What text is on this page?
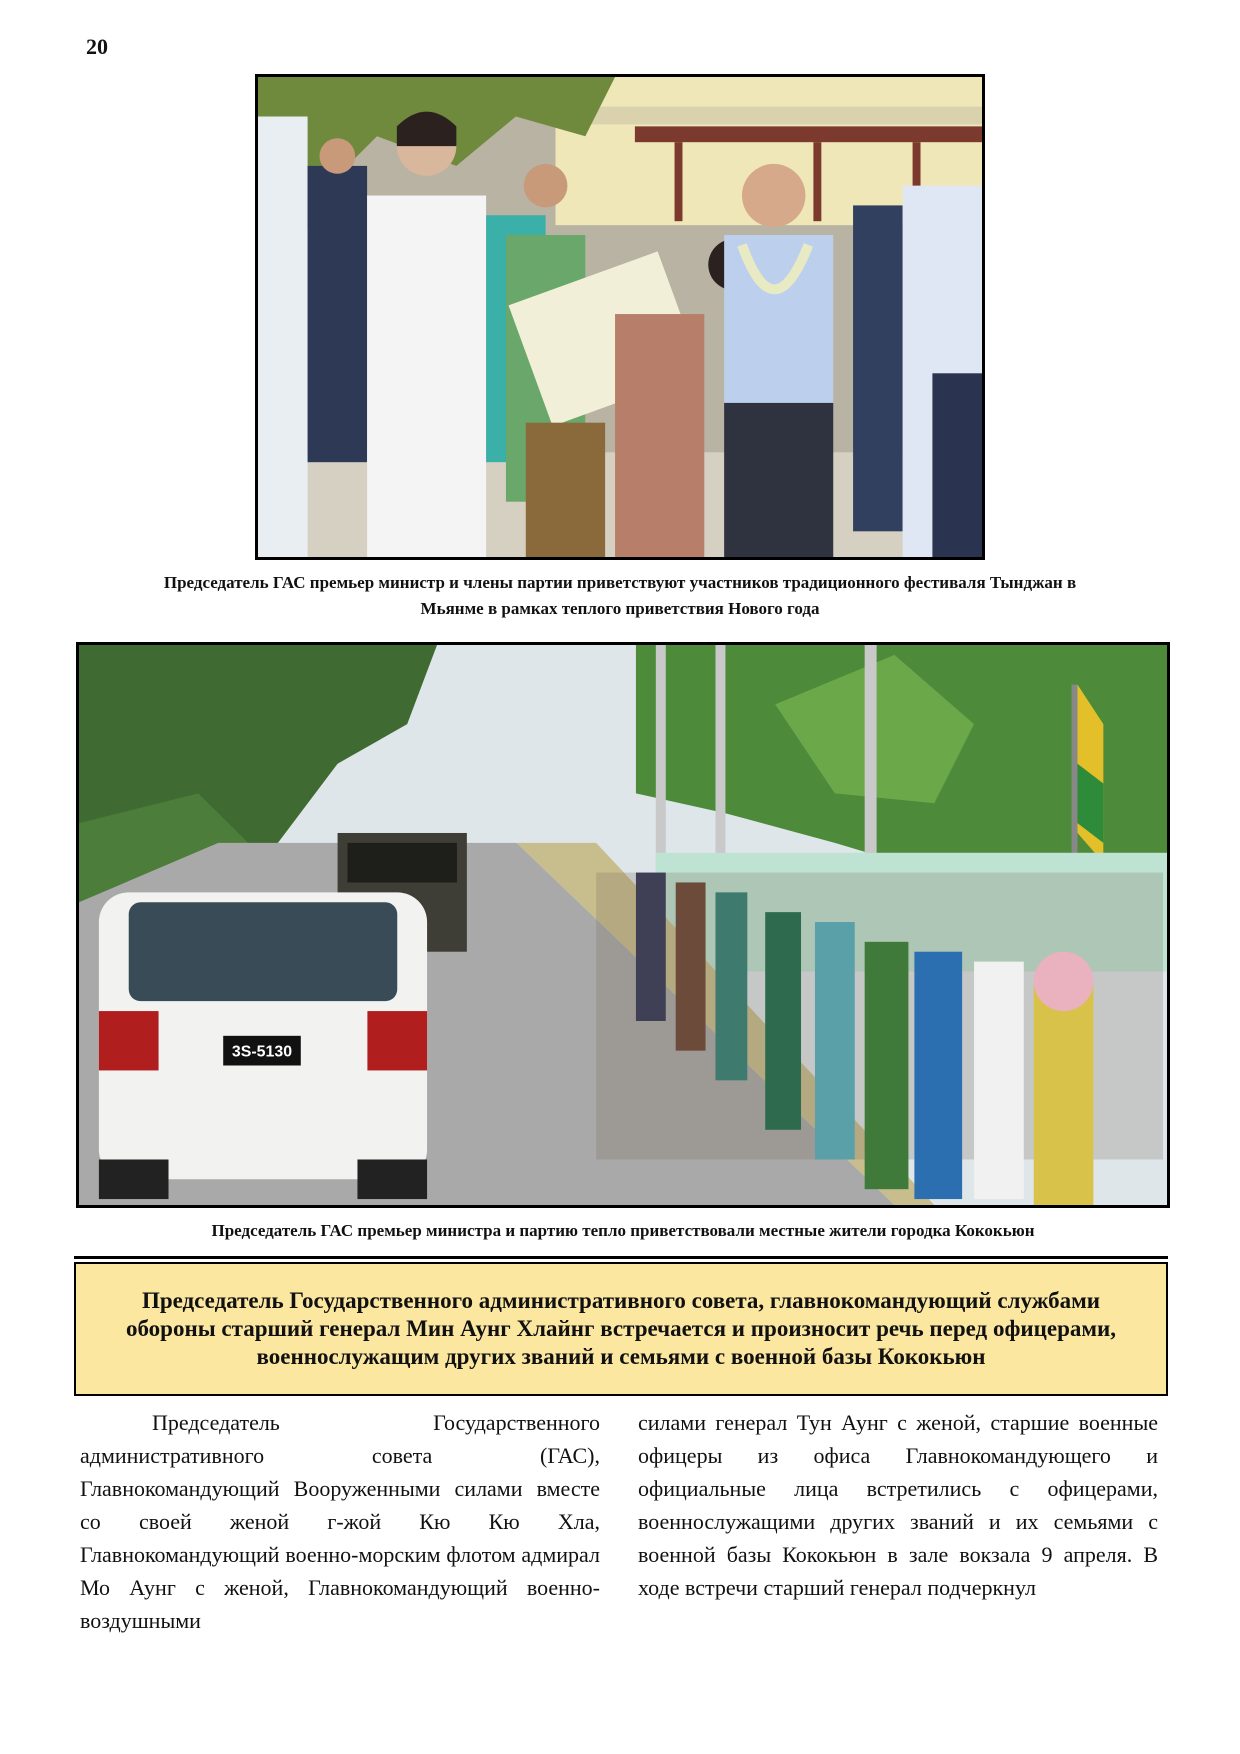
20
Председатель ГАС премьер министр и члены партии приветствуют участников традиционного фестиваля Тынджан в Мьянме в рамках теплого приветствия Нового года
3S-5130
Председатель ГАС премьер министра и партию тепло приветствовали местные жители городка Кококьюн
Председатель Государственного административного совета, главнокомандующий службами обороны старший генерал Мин Аунг Хлайнг встречается и произносит речь перед офицерами, военнослужащим других званий и семьями с военной базы Кококьюн
Председатель Государственного административного совета (ГАС), Главнокомандующий Вооруженными силами вместе со своей женой г-жой Кю Кю Хла, Главнокомандующий военно-морским флотом адмирал Мо Аунг с женой, Главнокомандующий военно-воздушными
силами генерал Тун Аунг с женой, старшие военные офицеры из офиса Главнокомандующего и официальные лица встретились с офицерами, военнослужащими других званий и их семьями с военной базы Кококьюн в зале вокзала 9 апреля. В ходе встречи старший генерал подчеркнул
